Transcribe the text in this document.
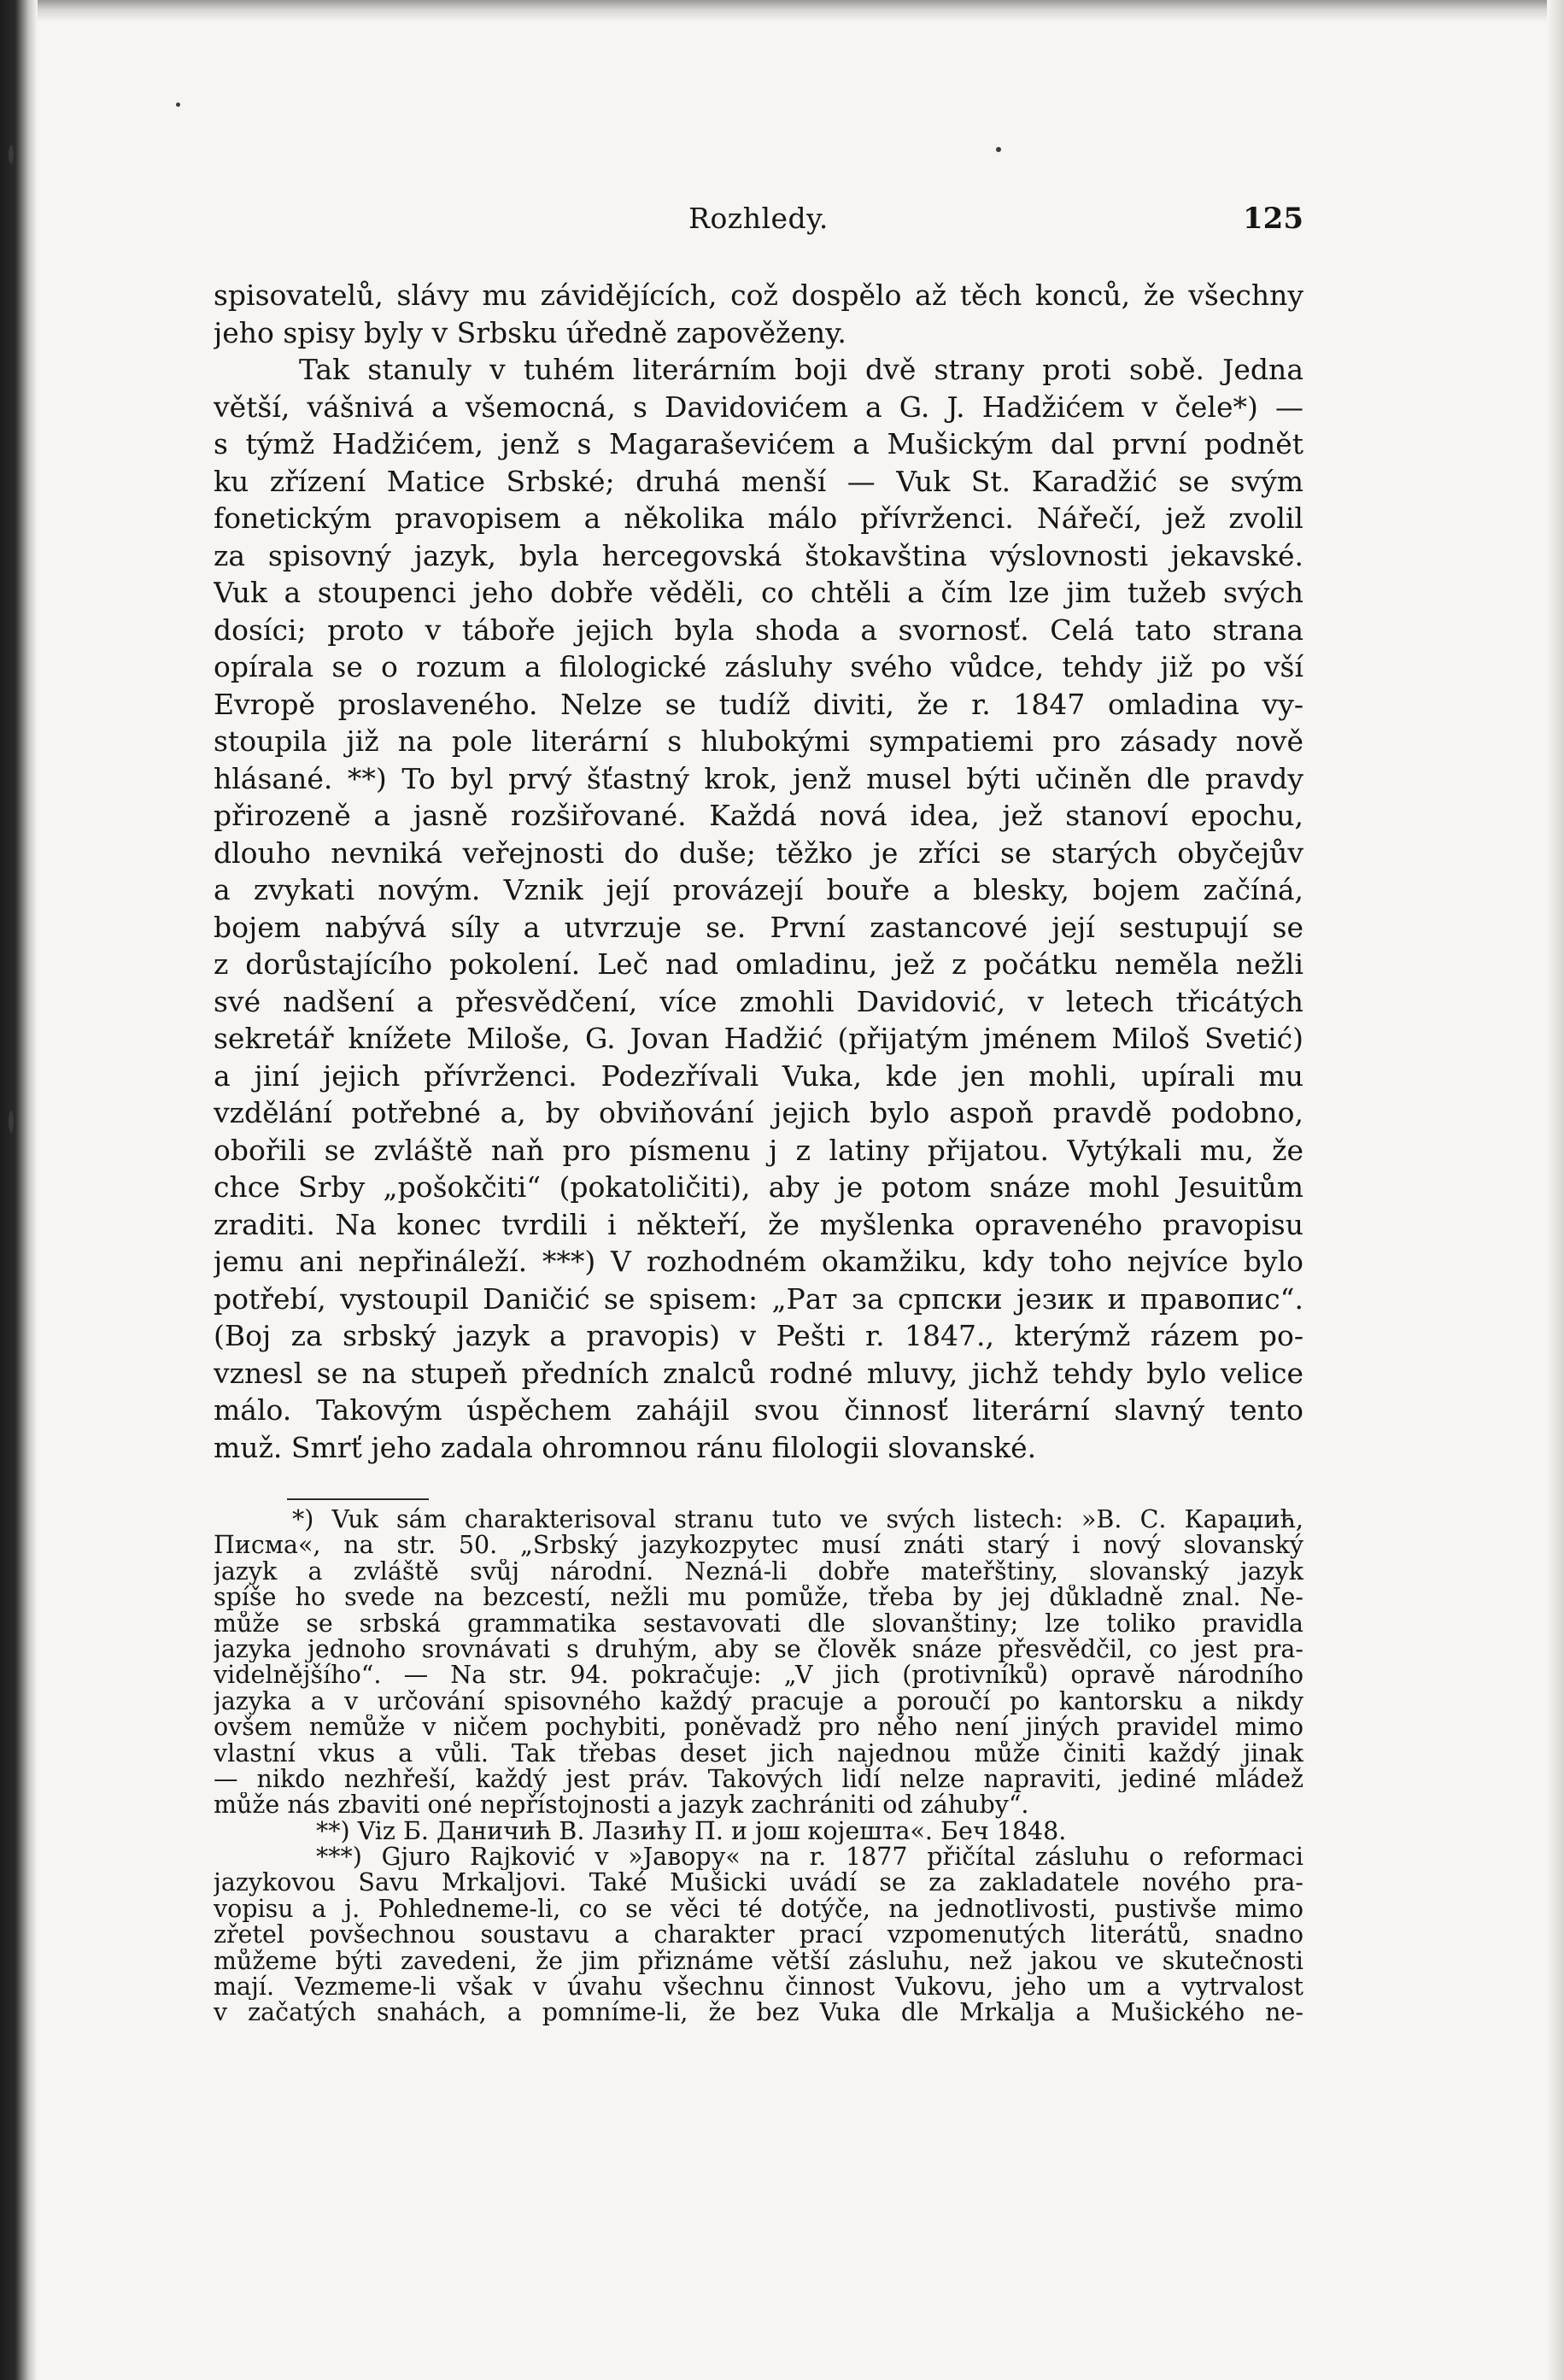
Rozhledy.	125
spisovatelů, slávy mu závidějících, což dospělo až těch konců, že všechny
jeho spisy byly v Srbsku úředně zapověženy.
Tak stanuly v tuhém literárním boji dvě strany proti sobě. Jedna
větší, vášnivá a všemocná, s Davidovićem a G. J. Hadžićem v čele*) —
s týmž Hadžićem, jenž s Magaraševićem a Mušickým dal první podnět
ku zřízení Matice Srbské; druhá menší — Vuk St. Karadžić se svým
fonetickým pravopisem a několika málo přívrženci. Nářečí, jež zvolil
za spisovný jazyk, byla hercegovská štokavština výslovnosti jekavské.
Vuk a stoupenci jeho dobře věděli, co chtěli a čím lze jim tužeb svých
dosíci; proto v táboře jejich byla shoda a svornosť. Celá tato strana
opírala se o rozum a filologické zásluhy svého vůdce, tehdy již po vší
Evropě proslaveného. Nelze se tudíž diviti, že r. 1847 omladina vy-
stoupila již na pole literární s hlubokými sympatiemi pro zásady nově
hlásané. **) To byl prvý šťastný krok, jenž musel býti učiněn dle pravdy
přirozeně a jasně rozšiřované. Každá nová idea, jež stanoví epochu,
dlouho nevniká veřejnosti do duše; těžko je zříci se starých obyčejův
a zvykati novým. Vznik její provázejí bouře a blesky, bojem začíná,
bojem nabývá síly a utvrzuje se. První zastancové její sestupují se
z dorůstajícího pokolení. Leč nad omladinu, jež z počátku neměla nežli
své nadšení a přesvědčení, více zmohli Davidović, v letech třicátých
sekretář knížete Miloše, G. Jovan Hadžić (přijatým jménem Miloš Svetić)
a jiní jejich přívrženci. Podezřívali Vuka, kde jen mohli, upírali mu
vzdělání potřebné a, by obviňování jejich bylo aspoň pravdě podobno,
obořili se zvláště naň pro písmenu ј z latiny přijatou. Vytýkali mu, že
chce Srby „pošokčiti“ (pokatoličiti), aby je potom snáze mohl Jesuitům
zraditi. Na konec tvrdili i někteří, že myšlenka opraveného pravopisu
jemu ani nepřináleží. ***) V rozhodném okamžiku, kdy toho nejvíce bylo
potřebí, vystoupil Daničić se spisem: „Рат за српски језик и правопис“.
(Boj za srbský jazyk a pravopis) v Pešti r. 1847., kterýmž rázem po-
vznesl se na stupeň předních znalců rodné mluvy, jichž tehdy bylo velice
málo. Takovým úspěchem zahájil svou činnosť literární slavný tento
muž. Smrť jeho zadala ohromnou ránu filologii slovanské.
*) Vuk sám charakterisoval stranu tuto ve svých listech: »В. С. Караџић,
Писма«, na str. 50. „Srbský jazykozpytec musí znáti starý i nový slovanský
jazyk a zvláště svůj národní. Nezná-li dobře mateřštiny, slovanský jazyk
spíše ho svede na bezcestí, nežli mu pomůže, třeba by jej důkladně znal. Ne-
může se srbská grammatika sestavovati dle slovanštiny; lze toliko pravidla
jazyka jednoho srovnávati s druhým, aby se člověk snáze přesvědčil, co jest pra-
videlnějšího“. — Na str. 94. pokračuje: „V jich (protivníků) opravě národního
jazyka a v určování spisovného každý pracuje a poroučí po kantorsku a nikdy
ovšem nemůže v ničem pochybiti, poněvadž pro něho není jiných pravidel mimo
vlastní vkus a vůli. Tak třebas deset jich najednou může činiti každý jinak
— nikdo nezhřeší, každý jest práv. Takových lidí nelze napraviti, jediné mládež
může nás zbaviti oné nepřístojnosti a jazyk zachrániti od záhuby“.
**) Viz Б. Даничић В. Лазићу П. и још којешта«. Беч 1848.
***) Gjuro Rajković v »Јавору« na r. 1877 přičítal zásluhu o reformaci
jazykovou Savu Mrkaljovi. Také Mušicki uvádí se za zakladatele nového pra-
vopisu a j. Pohledneme-li, co se věci té dotýče, na jednotlivosti, pustivše mimo
zřetel povšechnou soustavu a charakter prací vzpomenutých literátů, snadno
můžeme býti zavedeni, že jim přiznáme větší zásluhu, než jakou ve skutečnosti
mají. Vezmeme-li však v úvahu všechnu činnost Vukovu, jeho um a vytrvalost
v začatých snahách, a pomníme-li, že bez Vuka dle Mrkalja a Mušického ne-
